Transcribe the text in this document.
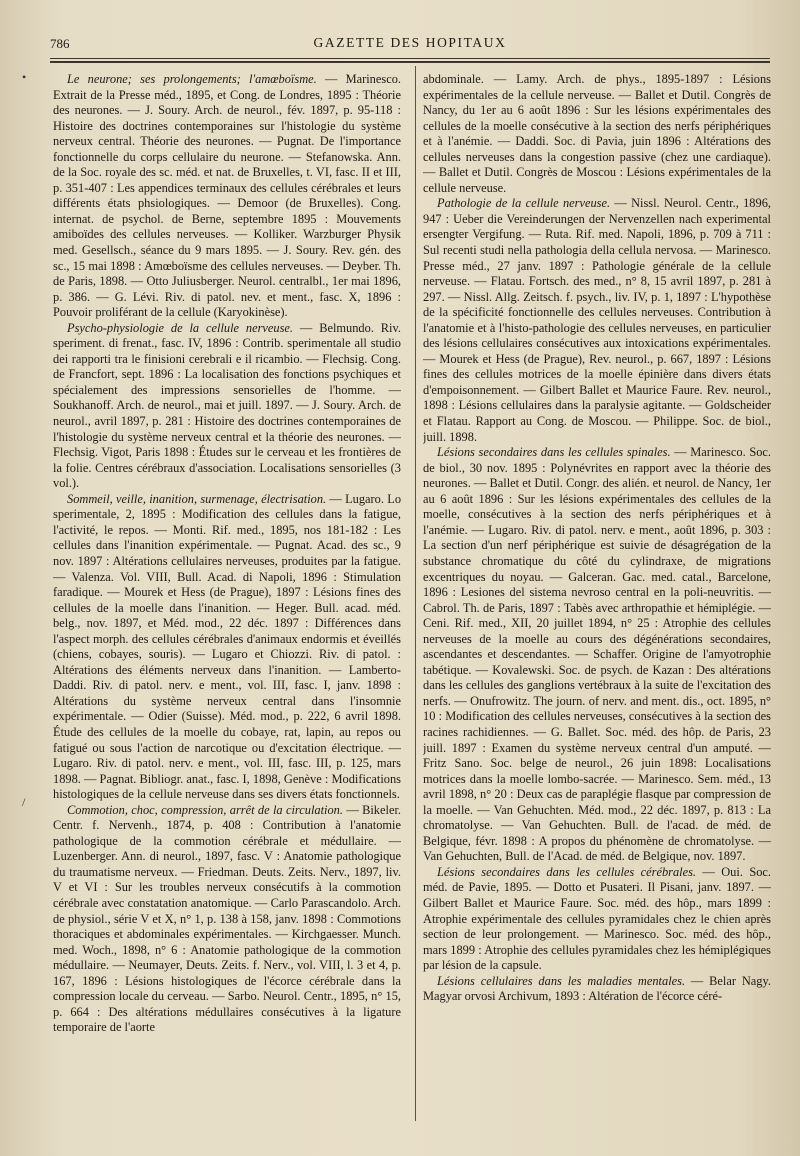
786	GAZETTE DES HOPITAUX
•
/

Le neurone; ses prolongements; l'amœboïsme. — Marinesco. Extrait de la Presse méd., 1895, et Cong. de Londres, 1895 : Théorie des neurones. — J. Soury. Arch. de neurol., fév. 1897, p. 95-118 : Histoire des doctrines contemporaines sur l'histologie du système nerveux central. Théorie des neurones. — Pugnat. De l'importance fonctionnelle du corps cellulaire du neurone. — Stefanowska. Ann. de la Soc. royale des sc. méd. et nat. de Bruxelles, t. VI, fasc. II et III, p. 351-407 : Les appendices terminaux des cellules cérébrales et leurs différents états phsiologiques. — Demoor (de Bruxelles). Cong. internat. de psychol. de Berne, septembre 1895 : Mouvements amiboïdes des cellules nerveuses. — Kolliker. Warzburger Physik med. Gesellsch., séance du 9 mars 1895. — J. Soury. Rev. gén. des sc., 15 mai 1898 : Amœboïsme des cellules nerveuses. — Deyber. Th. de Paris, 1898. — Otto Juliusberger. Neurol. centralbl., 1er mai 1896, p. 386. — G. Lévi. Riv. di patol. nev. et ment., fasc. X, 1896 : Pouvoir proliférant de la cellule (Karyokinèse).

Psycho-physiologie de la cellule nerveuse. — Belmundo. Riv. speriment. di frenat., fasc. IV, 1896 : Contrib. sperimentale all studio dei rapporti tra le finisioni cerebrali e il ricambio. — Flechsig. Cong. de Francfort, sept. 1896 : La localisation des fonctions psychiques et spécialement des impressions sensorielles de l'homme. — Soukhanoff. Arch. de neurol., mai et juill. 1897. — J. Soury. Arch. de neurol., avril 1897, p. 281 : Histoire des doctrines contemporaines de l'histologie du système nerveux central et la théorie des neurones. — Flechsig. Vigot, Paris 1898 : Études sur le cerveau et les frontières de la folie. Centres cérébraux d'association. Localisations sensorielles (3 vol.).

Sommeil, veille, inanition, surmenage, électrisation. — Lugaro. Lo sperimentale, 2, 1895 : Modification des cellules dans la fatigue, l'activité, le repos. — Monti. Rif. med., 1895, nos 181-182 : Les cellules dans l'inanition expérimentale. — Pugnat. Acad. des sc., 9 nov. 1897 : Altérations cellulaires nerveuses, produites par la fatigue. — Valenza. Vol. VIII, Bull. Acad. di Napoli, 1896 : Stimulation faradique. — Mourek et Hess (de Prague), 1897 : Lésions fines des cellules de la moelle dans l'inanition. — Heger. Bull. acad. méd. belg., nov. 1897, et Méd. mod., 22 déc. 1897 : Différences dans l'aspect morph. des cellules cérébrales d'animaux endormis et éveillés (chiens, cobayes, souris). — Lugaro et Chiozzi. Riv. di patol. : Altérations des éléments nerveux dans l'inanition. — Lamberto-Daddi. Riv. di patol. nerv. e ment., vol. III, fasc. I, janv. 1898 : Altérations du système nerveux central dans l'insomnie expérimentale. — Odier (Suisse). Méd. mod., p. 222, 6 avril 1898. Étude des cellules de la moelle du cobaye, rat, lapin, au repos ou fatigué ou sous l'action de narcotique ou d'excitation électrique. — Lugaro. Riv. di patol. nerv. e ment., vol. III, fasc. III, p. 125, mars 1898. — Pagnat. Bibliogr. anat., fasc. I, 1898, Genève : Modifications histologiques de la cellule nerveuse dans ses divers états fonctionnels.

Commotion, choc, compression, arrêt de la circulation. — Bikeler. Centr. f. Nervenh., 1874, p. 408 : Contribution à l'anatomie pathologique de la commotion cérébrale et médullaire. — Luzenberger. Ann. di neurol., 1897, fasc. V : Anatomie pathologique du traumatisme nerveux. — Friedman. Deuts. Zeits. Nerv., 1897, liv. V et VI : Sur les troubles nerveux consécutifs à la commotion cérébrale avec constatation anatomique. — Carlo Parascandolo. Arch. de physiol., série V et X, n° 1, p. 138 à 158, janv. 1898 : Commotions thoraciques et abdominales expérimentales. — Kirchgaesser. Munch. med. Woch., 1898, n° 6 : Anatomie pathologique de la commotion médullaire. — Neumayer, Deuts. Zeits. f. Nerv., vol. VIII, l. 3 et 4, p. 167, 1896 : Lésions histologiques de l'écorce cérébrale dans la compression locale du cerveau. — Sarbo. Neurol. Centr., 1895, n° 15, p. 664 : Des altérations médullaires consécutives à la ligature temporaire de l'aorte

abdominale. — Lamy. Arch. de phys., 1895-1897 : Lésions expérimentales de la cellule nerveuse. — Ballet et Dutil. Congrès de Nancy, du 1er au 6 août 1896 : Sur les lésions expérimentales des cellules de la moelle consécutive à la section des nerfs périphériques et à l'anémie. — Daddi. Soc. di Pavia, juin 1896 : Altérations des cellules nerveuses dans la congestion passive (chez une cardiaque). — Ballet et Dutil. Congrès de Moscou : Lésions expérimentales de la cellule nerveuse.

Pathologie de la cellule nerveuse. — Nissl. Neurol. Centr., 1896, 947 : Ueber die Vereinderungen der Nervenzellen nach experimental ersengter Vergifung. — Ruta. Rif. med. Napoli, 1896, p. 709 à 711 : Sul recenti studi nella pathologia della cellula nervosa. — Marinesco. Presse méd., 27 janv. 1897 : Pathologie générale de la cellule nerveuse. — Flatau. Fortsch. des med., n° 8, 15 avril 1897, p. 281 à 297. — Nissl. Allg. Zeitsch. f. psych., liv. IV, p. 1, 1897 : L'hypothèse de la spécificité fonctionnelle des cellules nerveuses. Contribution à l'anatomie et à l'histo-pathologie des cellules nerveuses, en particulier des lésions cellulaires consécutives aux intoxications expérimentales. — Mourek et Hess (de Prague), Rev. neurol., p. 667, 1897 : Lésions fines des cellules motrices de la moelle épinière dans divers états d'empoisonnement. — Gilbert Ballet et Maurice Faure. Rev. neurol., 1898 : Lésions cellulaires dans la paralysie agitante. — Goldscheider et Flatau. Rapport au Cong. de Moscou. — Philippe. Soc. de biol., juill. 1898.

Lésions secondaires dans les cellules spinales. — Marinesco. Soc. de biol., 30 nov. 1895 : Polynévrites en rapport avec la théorie des neurones. — Ballet et Dutil. Congr. des alién. et neurol. de Nancy, 1er au 6 août 1896 : Sur les lésions expérimentales des cellules de la moelle, consécutives à la section des nerfs périphériques et à l'anémie. — Lugaro. Riv. di patol. nerv. e ment., août 1896, p. 303 : La section d'un nerf périphérique est suivie de désagrégation de la substance chromatique du côté du cylindraxe, de migrations excentriques du noyau. — Galceran. Gac. med. catal., Barcelone, 1896 : Lesiones del sistema nevroso central en la poli-neuvritis. — Cabrol. Th. de Paris, 1897 : Tabès avec arthropathie et hémiplégie. — Ceni. Rif. med., XII, 20 juillet 1894, n° 25 : Atrophie des cellules nerveuses de la moelle au cours des dégénérations secondaires, ascendantes et descendantes. — Schaffer. Origine de l'amyotrophie tabétique. — Kovalewski. Soc. de psych. de Kazan : Des altérations dans les cellules des ganglions vertébraux à la suite de l'excitation des nerfs. — Onufrowitz. The journ. of nerv. and ment. dis., oct. 1895, n° 10 : Modification des cellules nerveuses, consécutives à la section des racines rachidiennes. — G. Ballet. Soc. méd. des hôp. de Paris, 23 juill. 1897 : Examen du système nerveux central d'un amputé. — Fritz Sano. Soc. belge de neurol., 26 juin 1898: Localisations motrices dans la moelle lombo-sacrée. — Marinesco. Sem. méd., 13 avril 1898, n° 20 : Deux cas de paraplégie flasque par compression de la moelle. — Van Gehuchten. Méd. mod., 22 déc. 1897, p. 813 : La chromatolyse. — Van Gehuchten. Bull. de l'acad. de méd. de Belgique, févr. 1898 : A propos du phénomène de chromatolyse. — Van Gehuchten, Bull. de l'Acad. de méd. de Belgique, nov. 1897.

Lésions secondaires dans les cellules cérébrales. — Oui. Soc. méd. de Pavie, 1895. — Dotto et Pusateri. Il Pisani, janv. 1897. — Gilbert Ballet et Maurice Faure. Soc. méd. des hôp., mars 1899 : Atrophie expérimentale des cellules pyramidales chez le chien après section de leur prolongement. — Marinesco. Soc. méd. des hôp., mars 1899 : Atrophie des cellules pyramidales chez les hémiplégiques par lésion de la capsule.

Lésions cellulaires dans les maladies mentales. — Belar Nagy. Magyar orvosi Archivum, 1893 : Altération de l'écorce céré-
